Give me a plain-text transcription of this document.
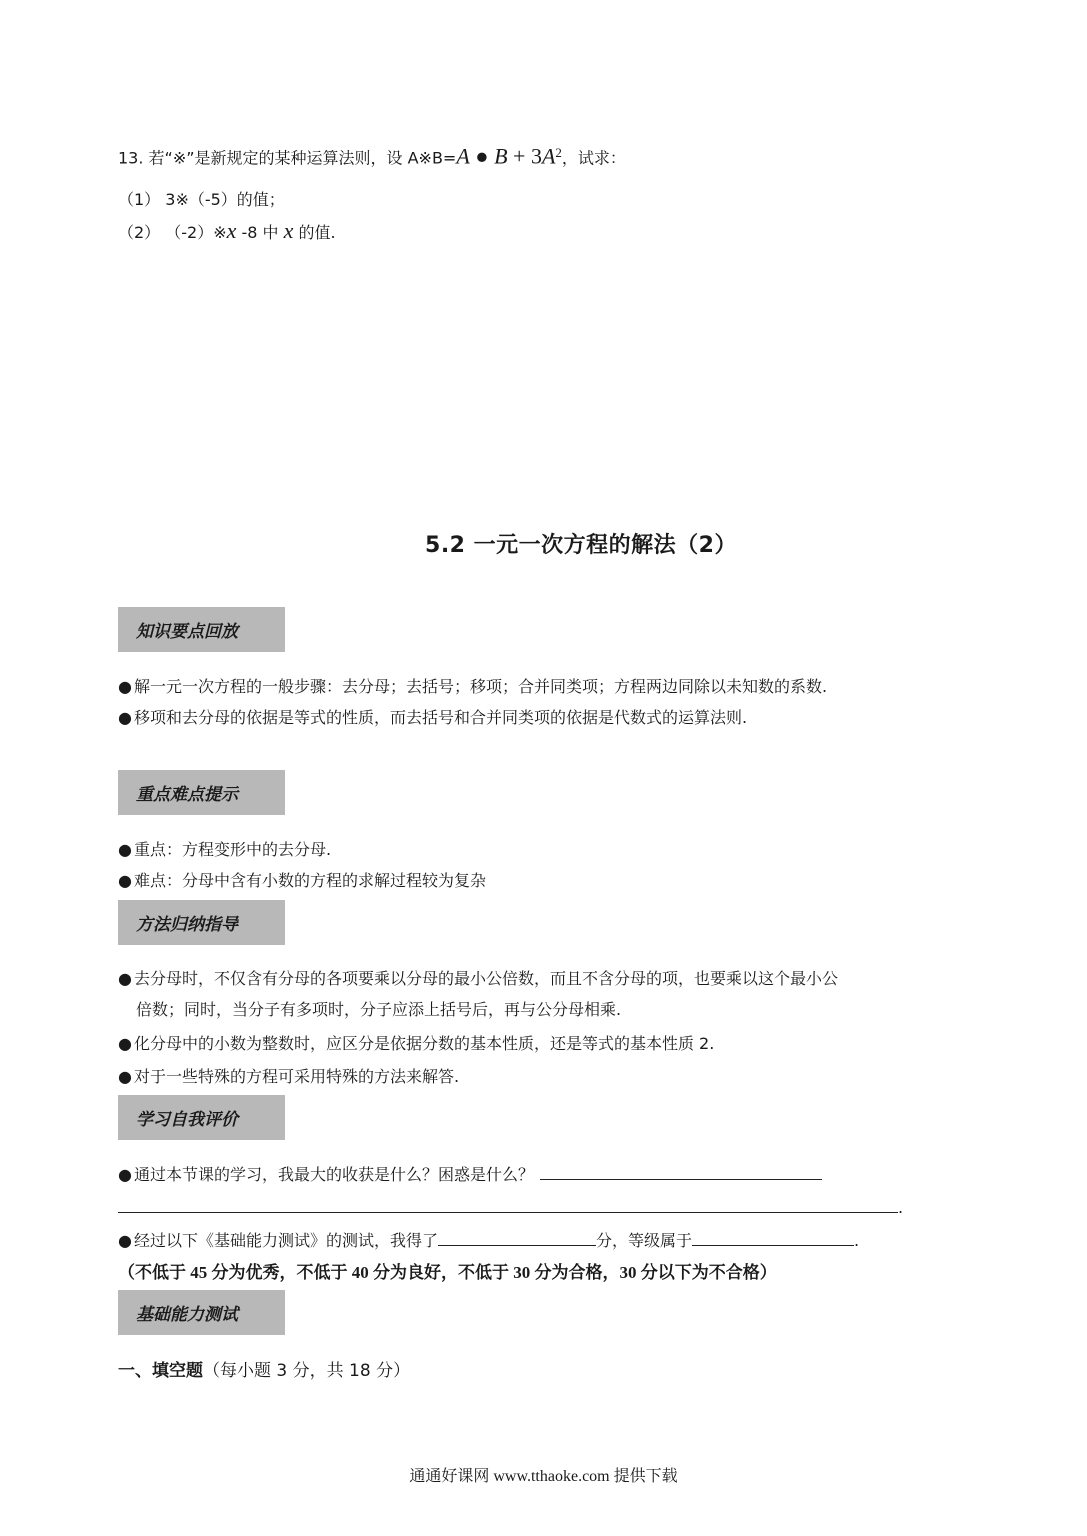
13. 若“※”是新规定的某种运算法则，设 A※B=A ● $B + 3A^2$，试求：
（1） 3※（-5）的值；
（2） （-2）※x -8 中 x 的值.
5.2 一元一次方程的解法（2）
知识要点回放
● 解一元一次方程的一般步骤：去分母；去括号；移项；合并同类项；方程两边同除以未知数的系数.
● 移项和去分母的依据是等式的性质，而去括号和合并同类项的依据是代数式的运算法则.
重点难点提示
● 重点：方程变形中的去分母.
● 难点：分母中含有小数的方程的求解过程较为复杂
方法归纳指导
● 去分母时，不仅含有分母的各项要乘以分母的最小公倍数，而且不含分母的项，也要乘以这个最小公
倍数；同时，当分子有多项时，分子应添上括号后，再与公分母相乘.
● 化分母中的小数为整数时，应区分是依据分数的基本性质，还是等式的基本性质 2.
● 对于一些特殊的方程可采用特殊的方法来解答.
学习自我评价
● 通过本节课的学习，我最大的收获是什么？困惑是什么？
.
● 经过以下《基础能力测试》的测试，我得了	分，等级属于	.
（不低于 45 分为优秀，不低于 40 分为良好，不低于 30 分为合格，30 分以下为不合格）
基础能力测试
一、填空题（每小题 3 分，共 18 分）
通通好课网 www.tthaoke.com 提供下载
